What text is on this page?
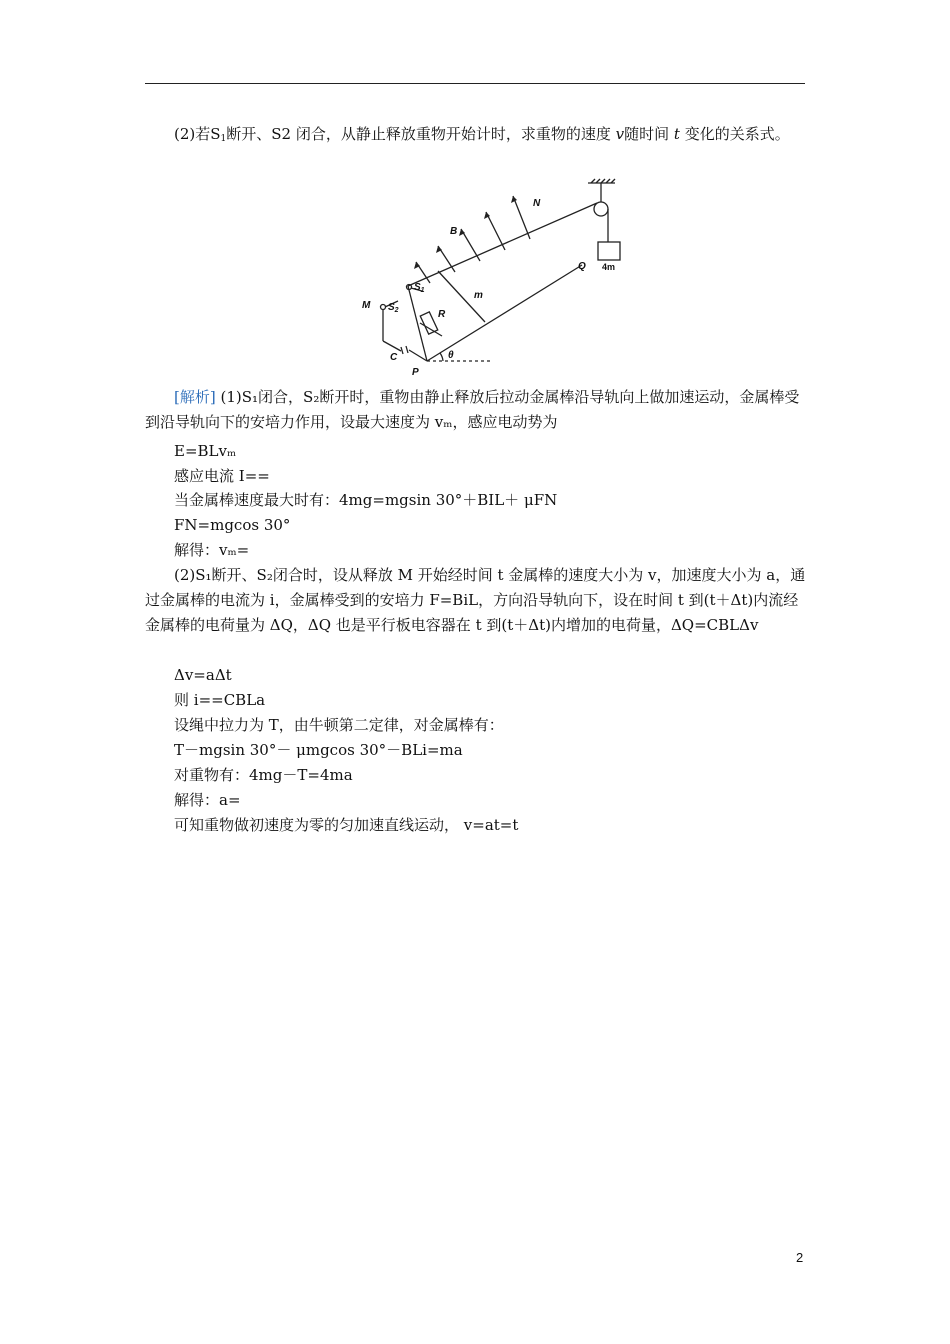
(2)若$S_1$断开、S2 闭合，从静止释放重物开始计时，求重物的速度 v随时间 t 变化的关系式。
N
B
Q
M
$S_1$
$S_2$
m
R
C
P
θ
4m
[解析] (1)S₁闭合，S₂断开时，重物由静止释放后拉动金属棒沿导轨向上做加速运动，金属棒受到沿导轨向下的安培力作用，设最大速度为 vₘ，感应电动势为
E=BLvₘ
感应电流 I==
当金属棒速度最大时有：4mg=mgsin 30°＋BIL＋ μFN
FN=mgcos 30°
解得：vₘ=
(2)S₁断开、S₂闭合时，设从释放 M 开始经时间 t 金属棒的速度大小为 v，加速度大小为 a，通过金属棒的电流为 i，金属棒受到的安培力 F=BiL，方向沿导轨向下，设在时间 t 到(t＋Δt)内流经金属棒的电荷量为 ΔQ，ΔQ 也是平行板电容器在 t 到(t＋Δt)内增加的电荷量，ΔQ=CBLΔv
Δv=aΔt
则 i==CBLa
设绳中拉力为 T，由牛顿第二定律，对金属棒有：
T－mgsin 30°－ μmgcos 30°－BLi=ma
对重物有：4mg－T=4ma
解得：a=
可知重物做初速度为零的匀加速直线运动， v=at=t
2
